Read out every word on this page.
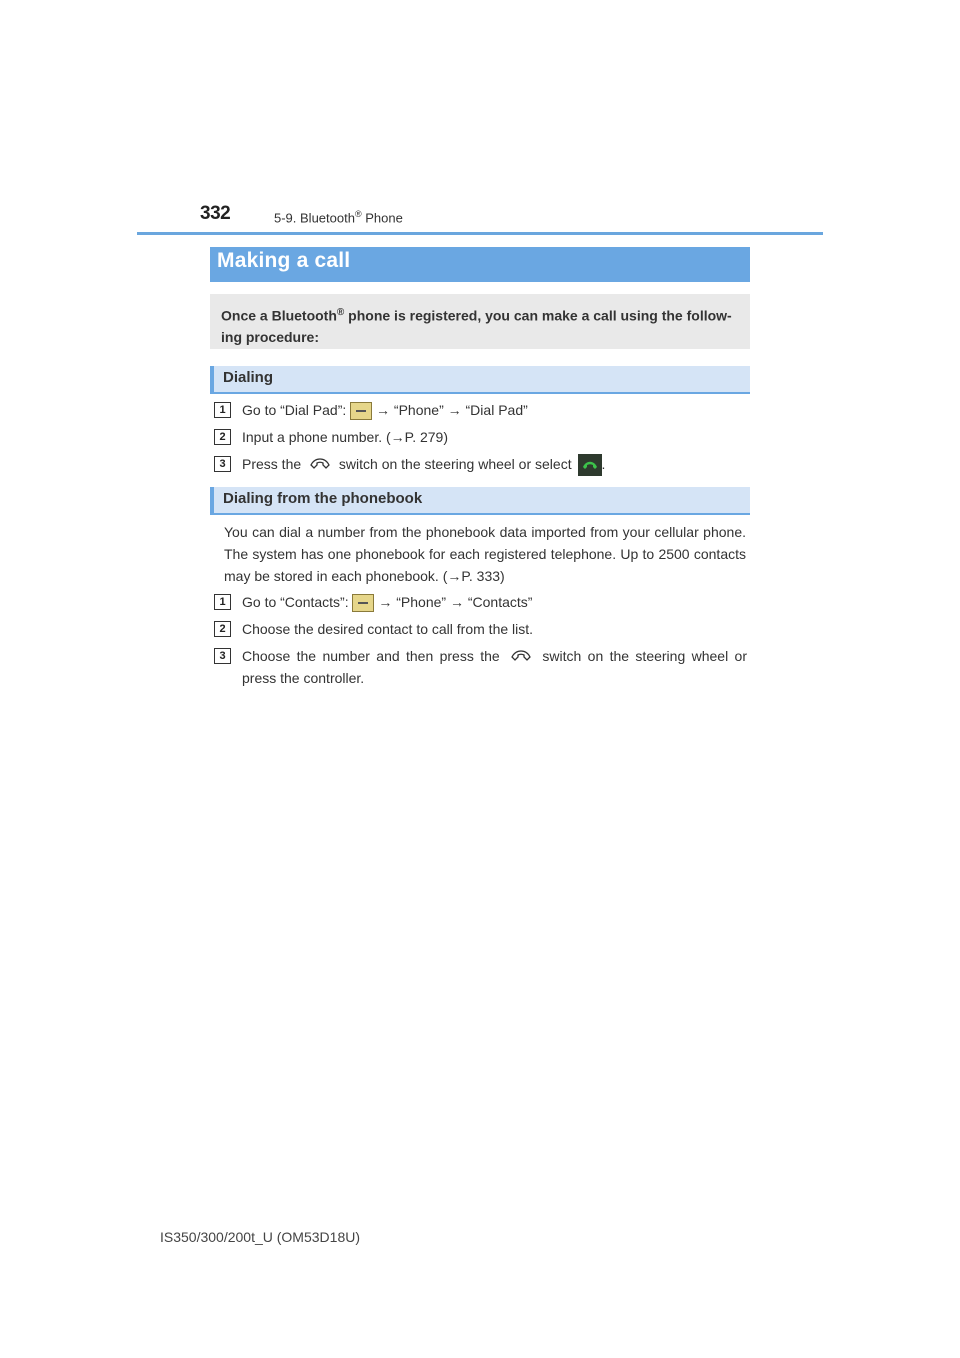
332	5-9. Bluetooth® Phone
Making a call

Once a Bluetooth® phone is registered, you can make a call using the follow-ing procedure:

Dialing
1	Go to “Dial Pad”:  → “Phone” → “Dial Pad”
2	Input a phone number. (→P. 279)
3	Press the  switch on the steering wheel or select .
Dialing from the phonebook
You can dial a number from the phonebook data imported from your cellular phone. The system has one phonebook for each registered telephone. Up to 2500 contacts may be stored in each phonebook. (→P. 333)
1	Go to “Contacts”:  → “Phone” → “Contacts”
2	Choose the desired contact to call from the list.
3	Choose the number and then press the  switch on the steering wheel or press the controller.
IS350/300/200t_U (OM53D18U)
